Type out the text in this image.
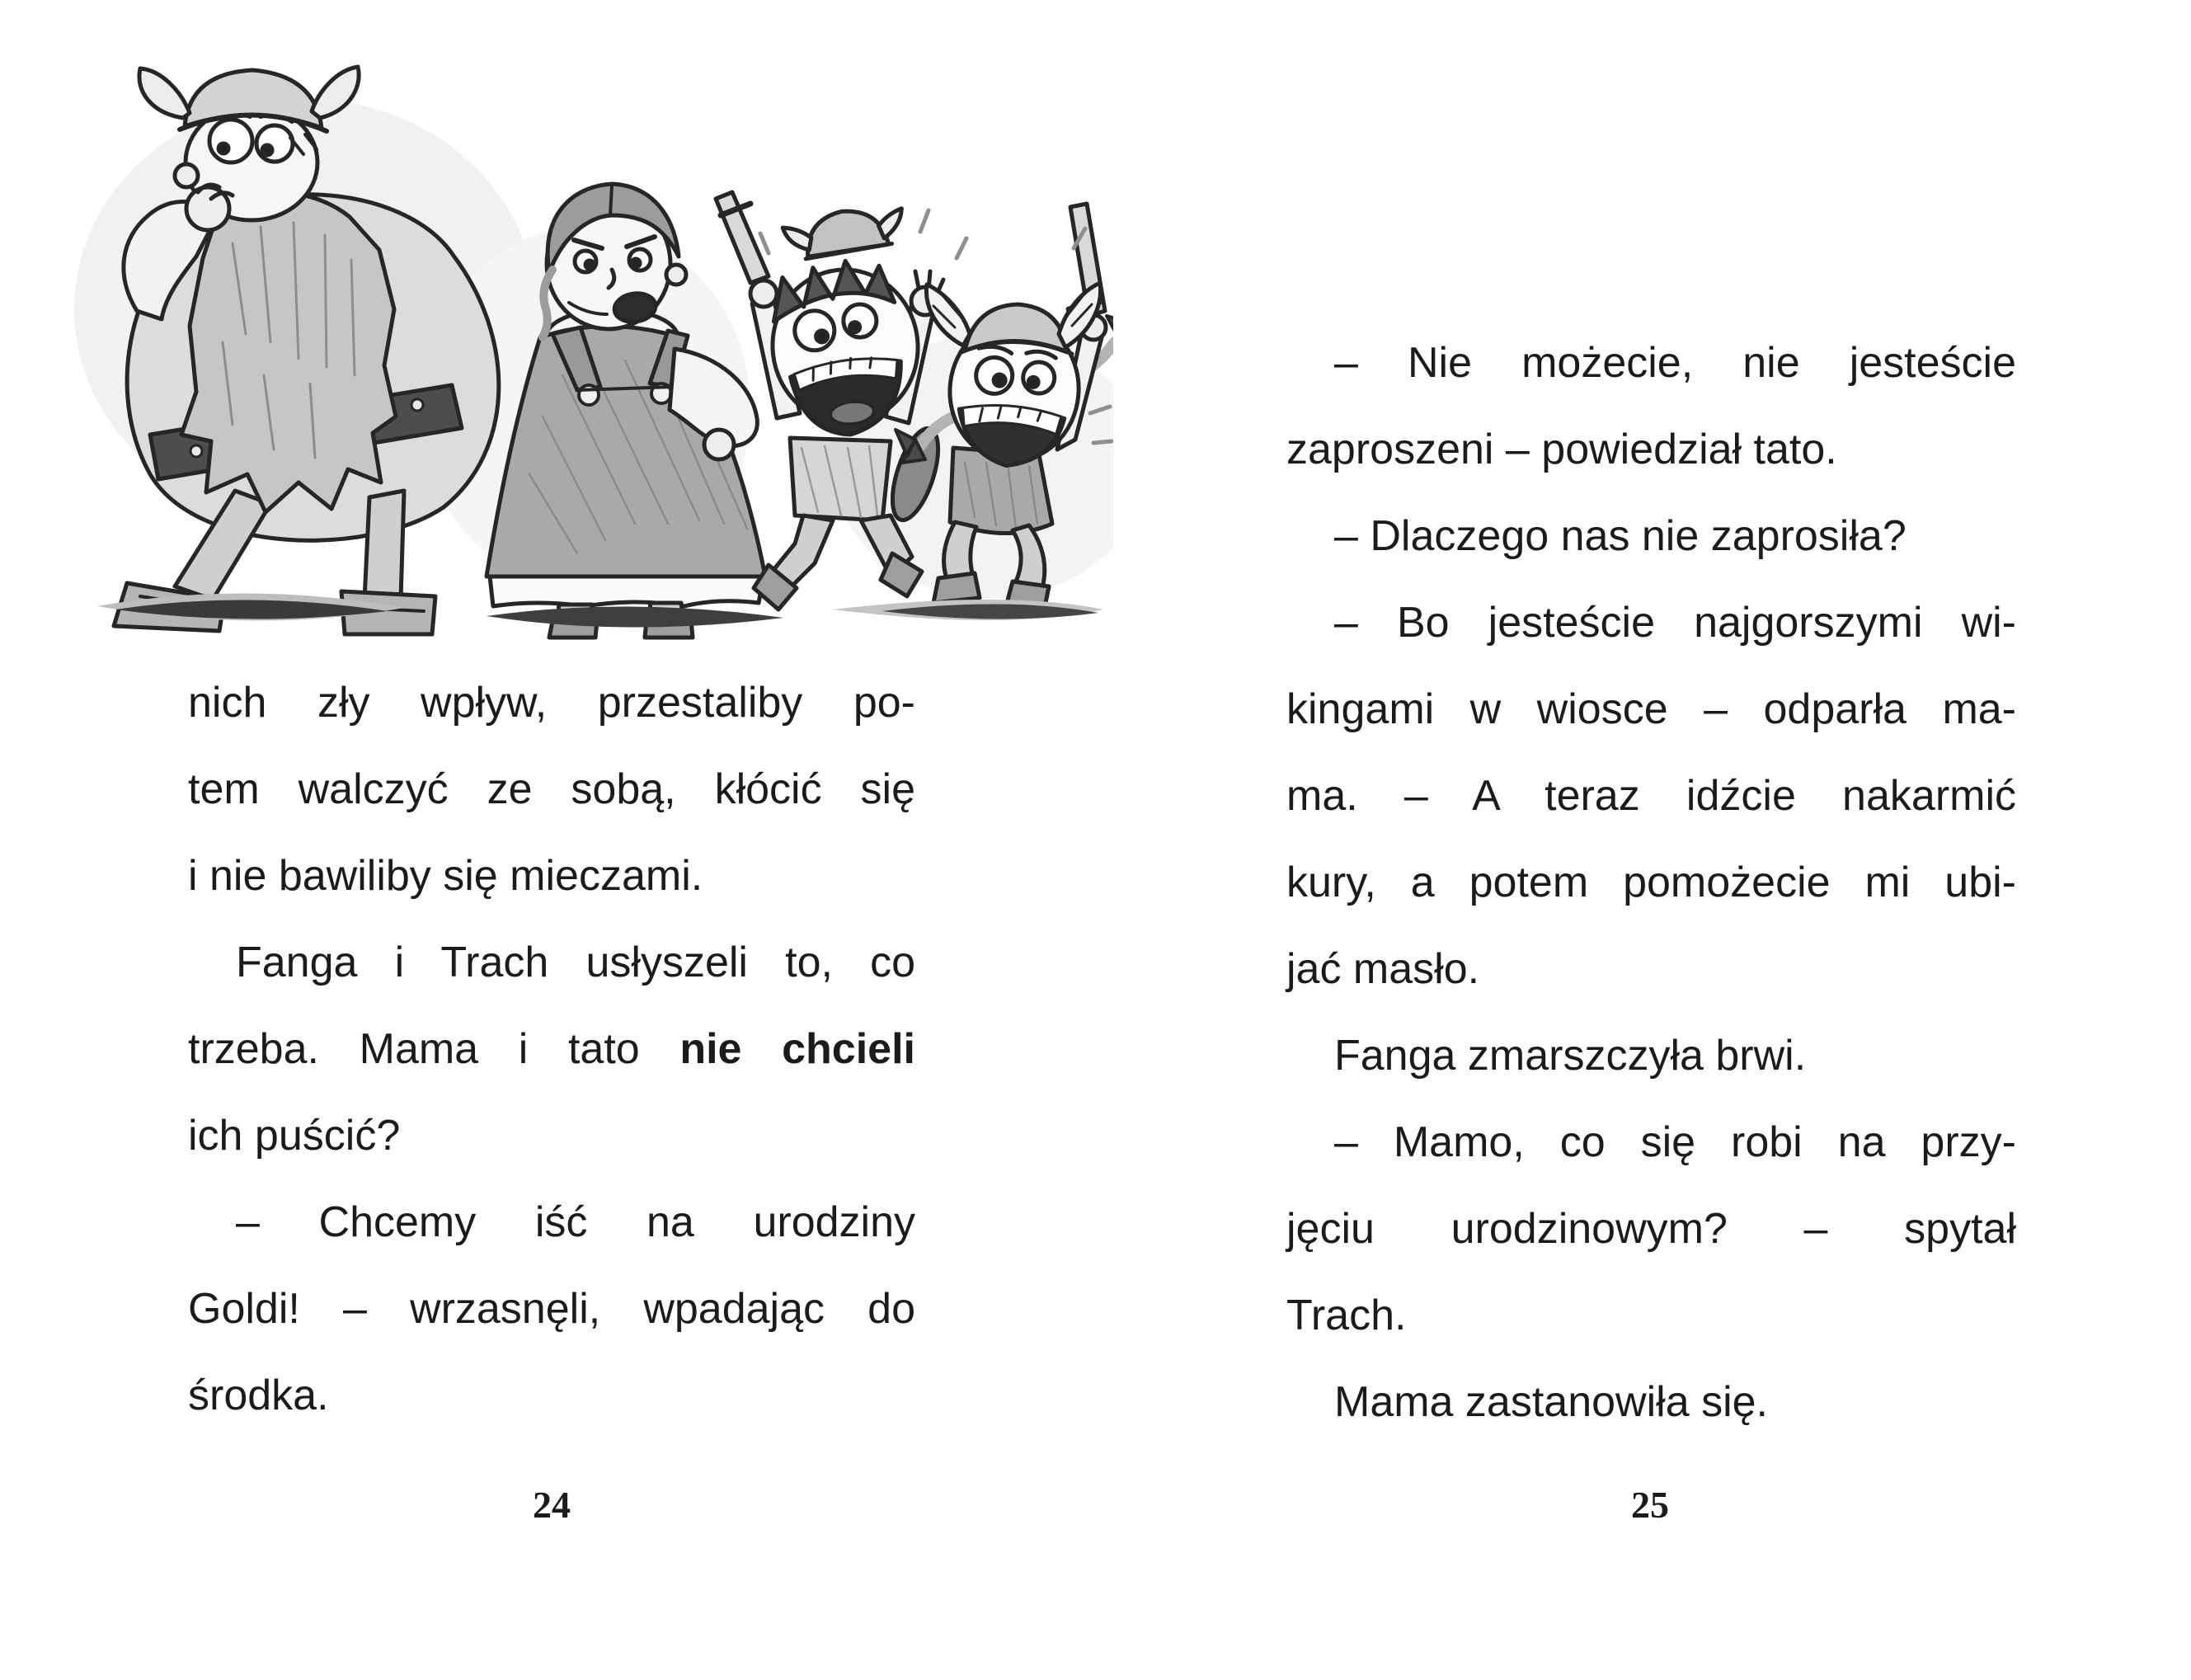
nich zły wpływ, przestaliby po-
tem walczyć ze sobą, kłócić się
i nie bawiliby się mieczami.
Fanga i Trach usłyszeli to, co
trzeba. Mama i tato nie chcieli
ich puścić?
– Chcemy iść na urodziny
Goldi! – wrzasnęli, wpadając do
środka.
24
– Nie możecie, nie jesteście
zaproszeni – powiedział tato.
– Dlaczego nas nie zaprosiła?
– Bo jesteście najgorszymi wi-
kingami w wiosce – odparła ma-
ma. – A teraz idźcie nakarmić
kury, a potem pomożecie mi ubi-
jać masło.
Fanga zmarszczyła brwi.
– Mamo, co się robi na przy-
jęciu urodzinowym? – spytał
Trach.
Mama zastanowiła się.
25
